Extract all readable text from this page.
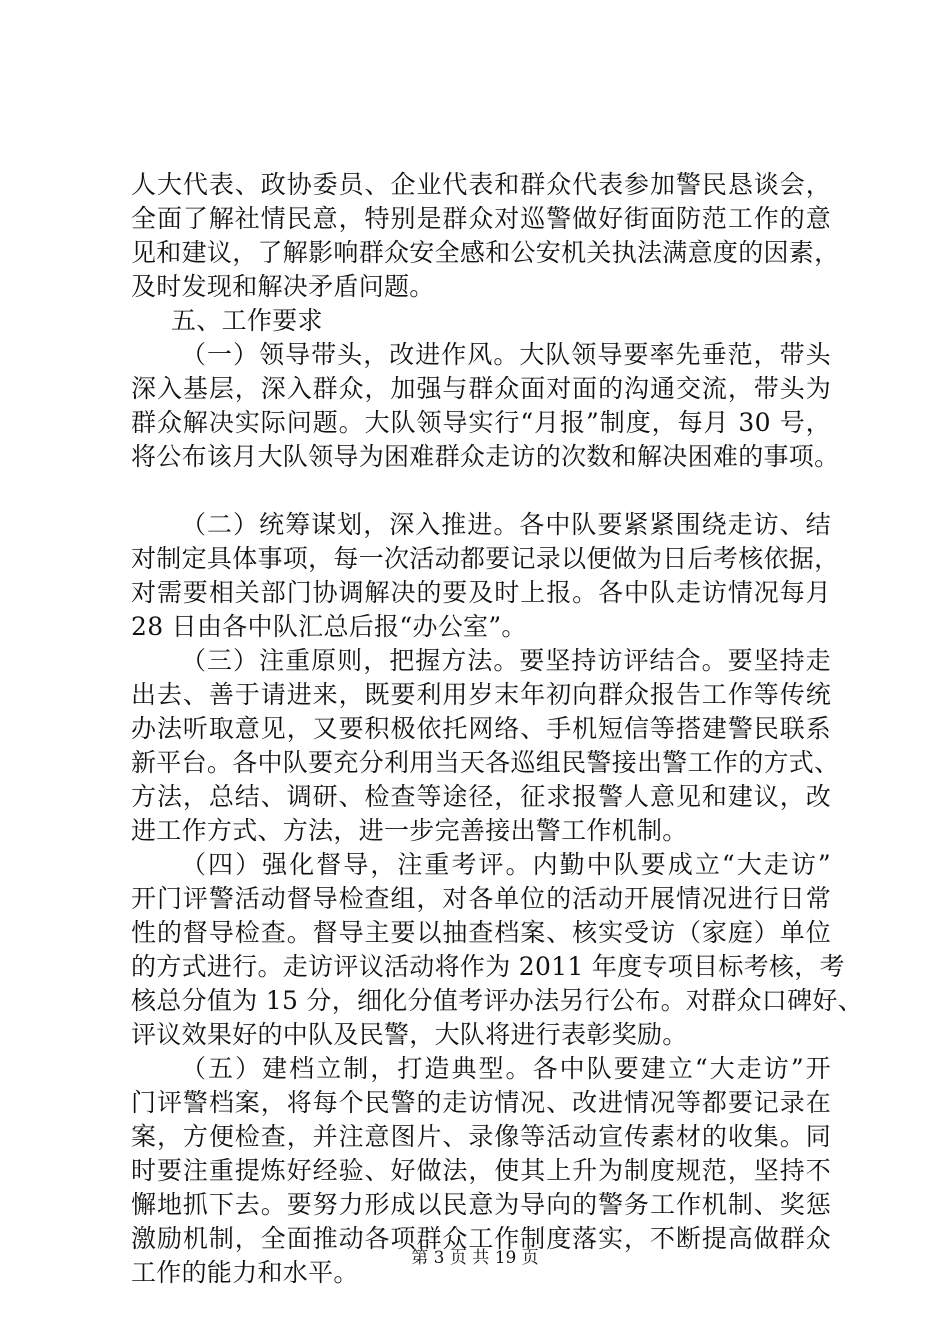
人大代表、政协委员、企业代表和群众代表参加警民恳谈会，
全面了解社情民意，特别是群众对巡警做好街面防范工作的意
见和建议，了解影响群众安全感和公安机关执法满意度的因素，
及时发现和解决矛盾问题。
五、工作要求
（一）领导带头，改进作风。大队领导要率先垂范，带头
深入基层，深入群众，加强与群众面对面的沟通交流，带头为
群众解决实际问题。大队领导实行“月报”制度，每月 30 号，
将公布该月大队领导为困难群众走访的次数和解决困难的事项。
（二）统筹谋划，深入推进。各中队要紧紧围绕走访、结
对制定具体事项，每一次活动都要记录以便做为日后考核依据，
对需要相关部门协调解决的要及时上报。各中队走访情况每月
28 日由各中队汇总后报“办公室”。
（三）注重原则，把握方法。要坚持访评结合。要坚持走
出去、善于请进来，既要利用岁末年初向群众报告工作等传统
办法听取意见，又要积极依托网络、手机短信等搭建警民联系
新平台。各中队要充分利用当天各巡组民警接出警工作的方式、
方法，总结、调研、检查等途径，征求报警人意见和建议，改
进工作方式、方法，进一步完善接出警工作机制。
（四）强化督导，注重考评。内勤中队要成立“大走访”
开门评警活动督导检查组，对各单位的活动开展情况进行日常
性的督导检查。督导主要以抽查档案、核实受访（家庭）单位
的方式进行。走访评议活动将作为 2011 年度专项目标考核，考
核总分值为 15 分，细化分值考评办法另行公布。对群众口碑好、
评议效果好的中队及民警，大队将进行表彰奖励。
（五）建档立制，打造典型。各中队要建立“大走访”开
门评警档案，将每个民警的走访情况、改进情况等都要记录在
案，方便检查，并注意图片、录像等活动宣传素材的收集。同
时要注重提炼好经验、好做法，使其上升为制度规范，坚持不
懈地抓下去。要努力形成以民意为导向的警务工作机制、奖惩
激励机制，全面推动各项群众工作制度落实，不断提高做群众
工作的能力和水平。	第 3 页 共 19 页
